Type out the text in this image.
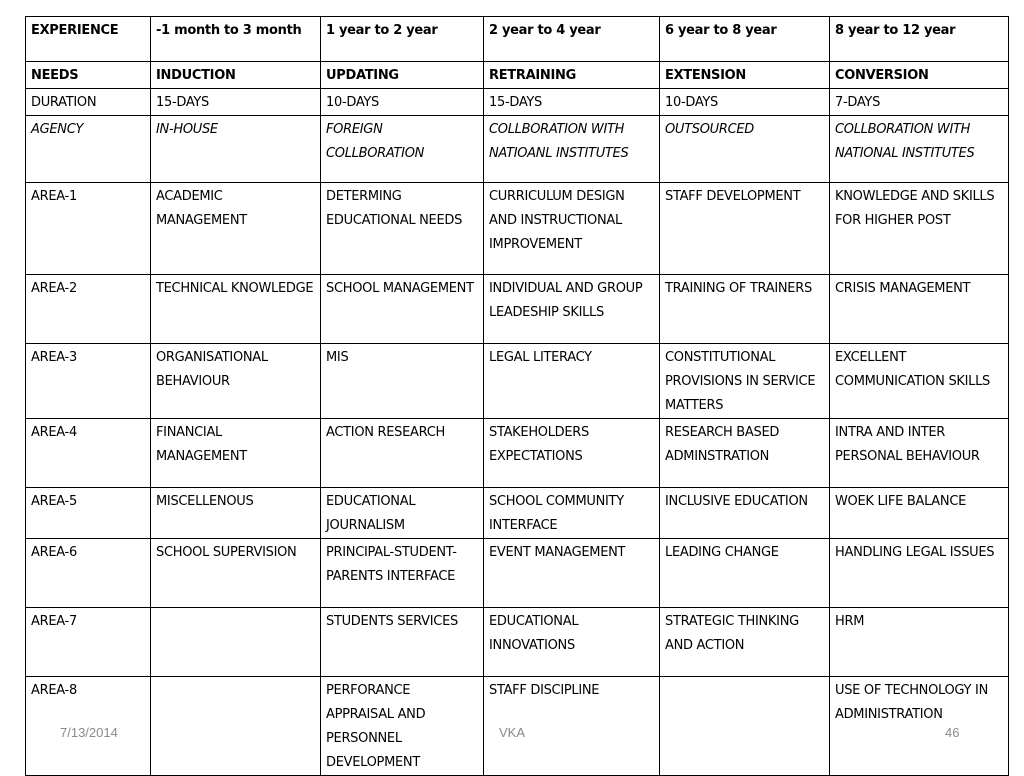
EXPERIENCE	-1 month to 3 month	1 year to 2 year	2 year to 4 year	6 year to 8 year	8 year to 12 year
NEEDS	INDUCTION	UPDATING	RETRAINING	EXTENSION	CONVERSION
DURATION	15-DAYS	10-DAYS	15-DAYS	10-DAYS	7-DAYS
AGENCY	IN-HOUSE	FOREIGN COLLBORATION	COLLBORATION WITH NATIOANL INSTITUTES	OUTSOURCED	COLLBORATION WITH NATIONAL INSTITUTES
AREA-1	ACADEMIC MANAGEMENT	DETERMING EDUCATIONAL NEEDS	CURRICULUM DESIGN AND INSTRUCTIONAL IMPROVEMENT	STAFF DEVELOPMENT	KNOWLEDGE AND SKILLS FOR HIGHER POST
AREA-2	TECHNICAL KNOWLEDGE	SCHOOL MANAGEMENT	INDIVIDUAL AND GROUP LEADESHIP SKILLS	TRAINING OF TRAINERS	CRISIS MANAGEMENT
AREA-3	ORGANISATIONAL BEHAVIOUR	MIS	LEGAL LITERACY	CONSTITUTIONAL PROVISIONS IN SERVICE MATTERS	EXCELLENT COMMUNICATION SKILLS
AREA-4	FINANCIAL MANAGEMENT	ACTION RESEARCH	STAKEHOLDERS EXPECTATIONS	RESEARCH BASED ADMINSTRATION	INTRA AND INTER PERSONAL BEHAVIOUR
AREA-5	MISCELLENOUS	EDUCATIONAL JOURNALISM	SCHOOL COMMUNITY INTERFACE	INCLUSIVE EDUCATION	WOEK LIFE BALANCE
AREA-6	SCHOOL SUPERVISION	PRINCIPAL-STUDENT-PARENTS INTERFACE	EVENT MANAGEMENT	LEADING CHANGE	HANDLING LEGAL ISSUES
AREA-7		STUDENTS SERVICES	EDUCATIONAL INNOVATIONS	STRATEGIC THINKING AND ACTION	HRM
AREA-8		PERFORANCE APPRAISAL AND PERSONNEL DEVELOPMENT	STAFF DISCIPLINE		USE OF TECHNOLOGY IN ADMINISTRATION
7/13/2014	VKA	46
